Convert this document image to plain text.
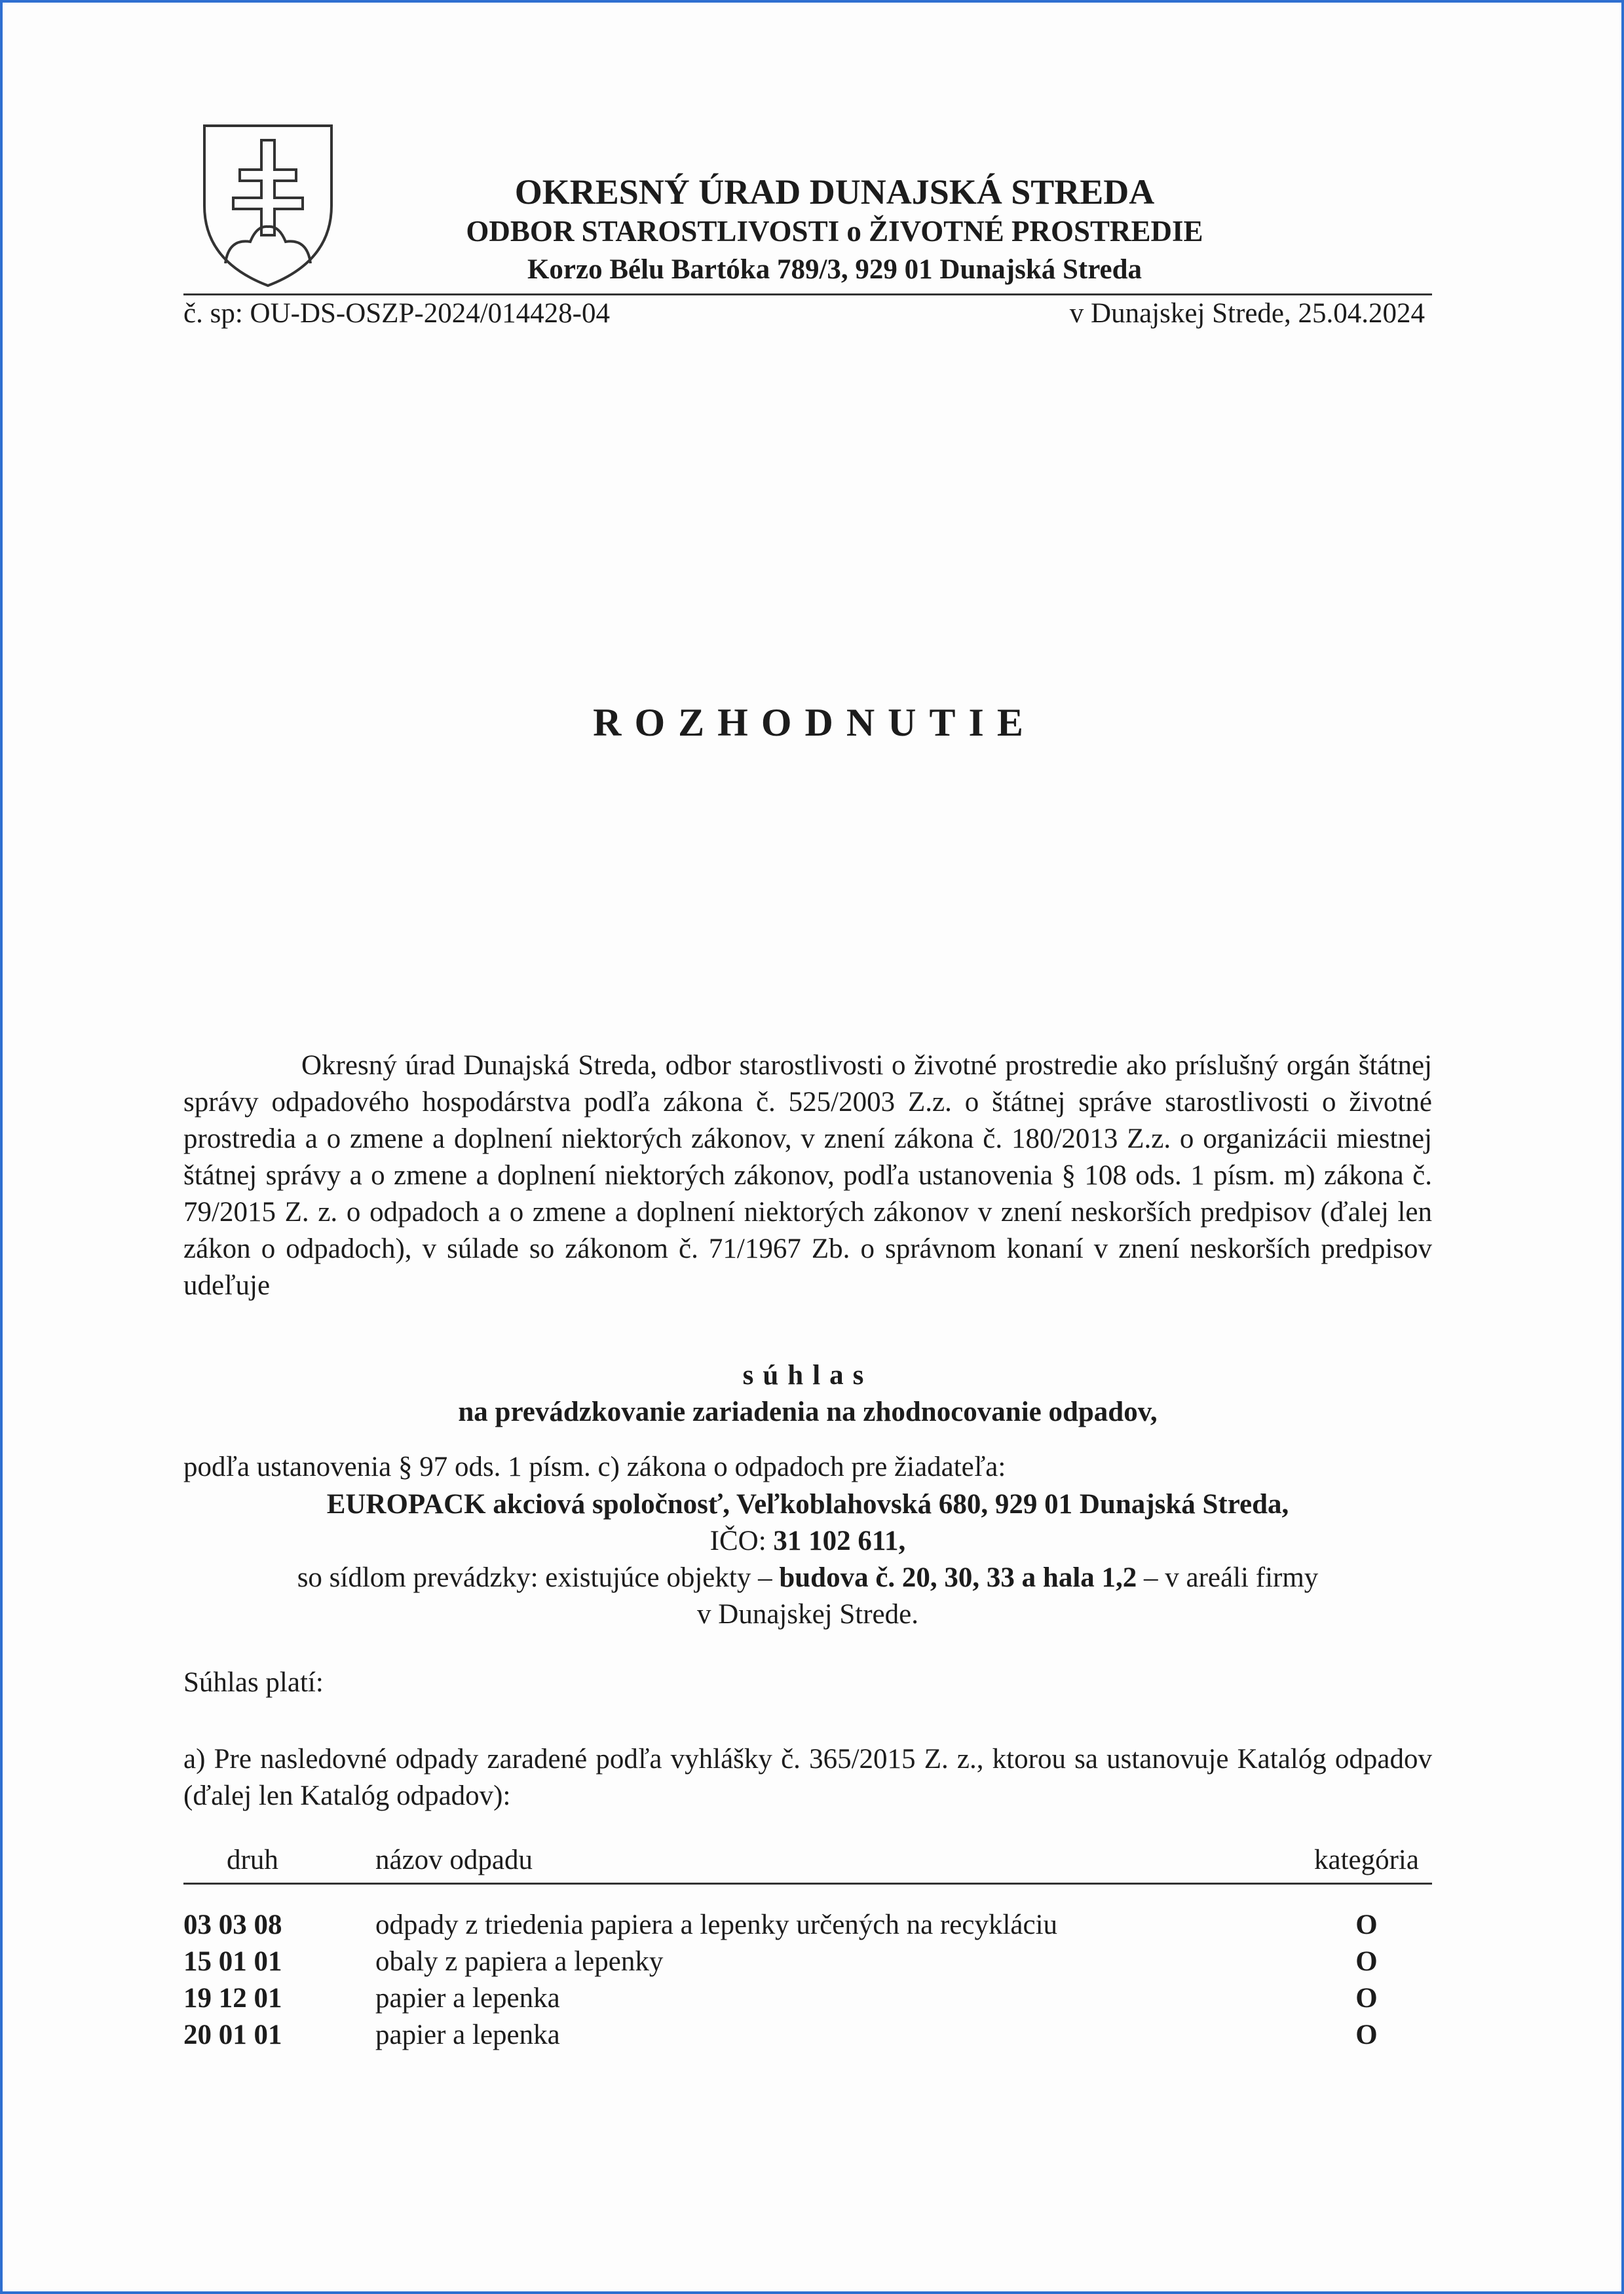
OKRESNÝ ÚRAD DUNAJSKÁ STREDA
ODBOR STAROSTLIVOSTI o ŽIVOTNÉ PROSTREDIE
Korzo Bélu Bartóka 789/3, 929 01 Dunajská Streda
č. sp: OU-DS-OSZP-2024/014428-04	v Dunajskej Strede, 25.04.2024
ROZHODNUTIE
Okresný úrad Dunajská Streda, odbor starostlivosti o životné prostredie ako príslušný orgán štátnej správy odpadového hospodárstva podľa zákona č. 525/2003 Z.z. o štátnej správe starostlivosti o životné prostredia a o zmene a doplnení niektorých zákonov, v znení zákona č. 180/2013 Z.z. o organizácii miestnej štátnej správy a o zmene a doplnení niektorých zákonov, podľa ustanovenia § 108 ods. 1 písm. m) zákona č. 79/2015 Z. z. o odpadoch a o zmene a doplnení niektorých zákonov v znení neskorších predpisov (ďalej len zákon o odpadoch), v súlade so zákonom č. 71/1967 Zb. o správnom konaní v znení neskorších predpisov udeľuje
súhlas
na prevádzkovanie zariadenia na zhodnocovanie odpadov,
podľa ustanovenia § 97 ods. 1 písm. c) zákona o odpadoch pre žiadateľa:
EUROPACK akciová spoločnosť, Veľkoblahovská 680, 929 01 Dunajská Streda,
IČO: 31 102 611,
so sídlom prevádzky: existujúce objekty – budova č. 20, 30, 33 a hala 1,2 – v areáli firmy
v Dunajskej Strede.
Súhlas platí:
a) Pre nasledovné odpady zaradené podľa vyhlášky č. 365/2015 Z. z., ktorou sa ustanovuje Katalóg odpadov (ďalej len Katalóg odpadov):
druh	názov odpadu	kategória

03 03 08	odpady z triedenia papiera a lepenky určených na recykláciu	O
15 01 01	obaly z papiera a lepenky	O
19 12 01	papier a lepenka	O
20 01 01	papier a lepenka	O
